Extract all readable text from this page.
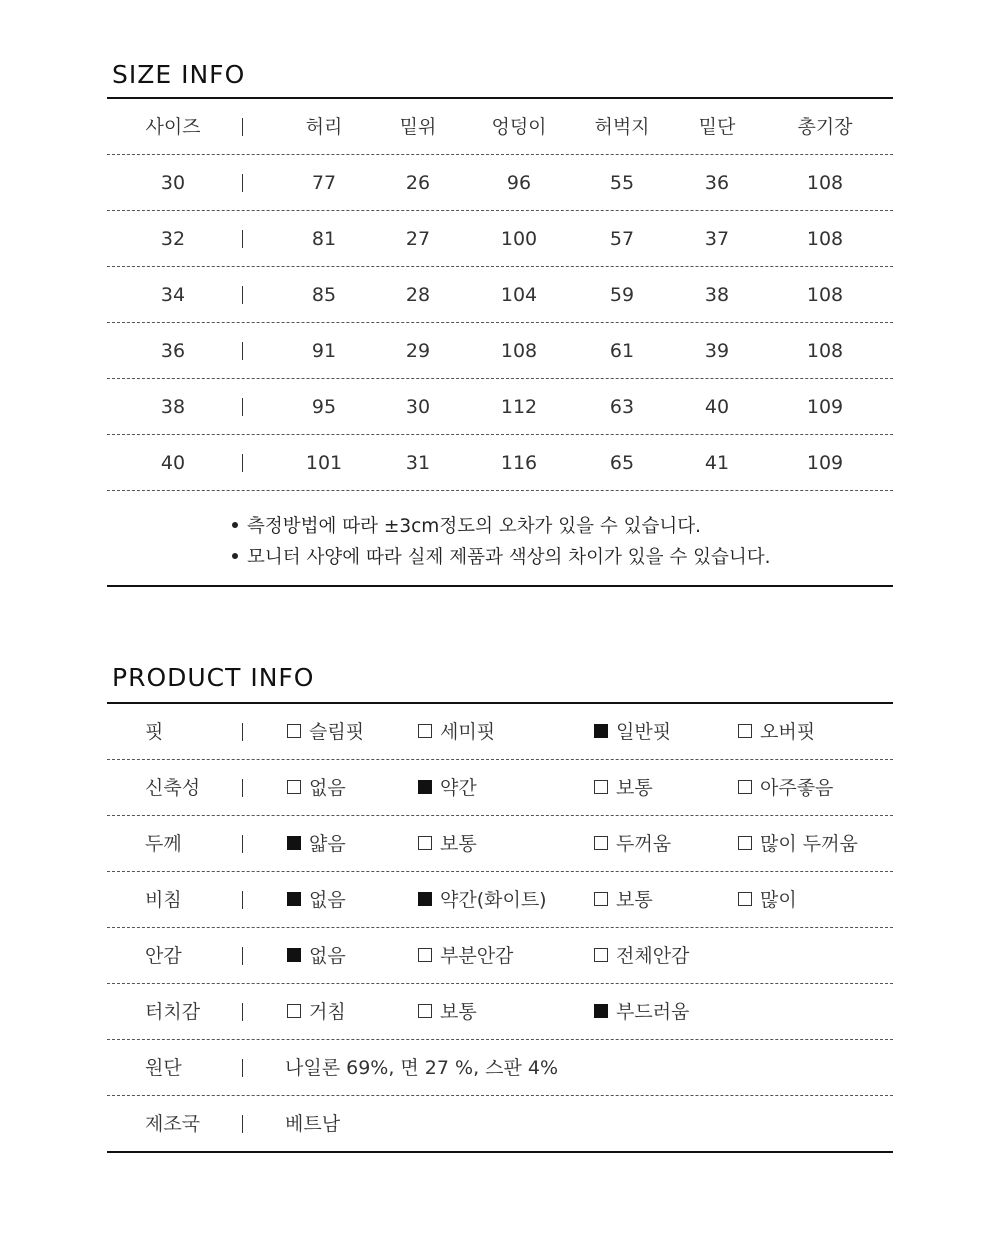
SIZE INFO
사이즈	허리	밑위	엉덩이	허벅지	밑단	총기장
30	77	26	96	55	36	108
32	81	27	100	57	37	108
34	85	28	104	59	38	108
36	91	29	108	61	39	108
38	95	30	112	63	40	109
40	101	31	116	65	41	109
측정방법에 따라 ±3cm정도의 오차가 있을 수 있습니다.
모니터 사양에 따라 실제 제품과 색상의 차이가 있을 수 있습니다.
PRODUCT INFO
핏	슬림핏	세미핏	일반핏	오버핏
신축성	없음	약간	보통	아주좋음
두께	얇음	보통	두꺼움	많이 두꺼움
비침	없음	약간(화이트)	보통	많이
안감	없음	부분안감	전체안감
터치감	거침	보통	부드러움
원단	나일론 69%, 면 27 %, 스판 4%
제조국	베트남
